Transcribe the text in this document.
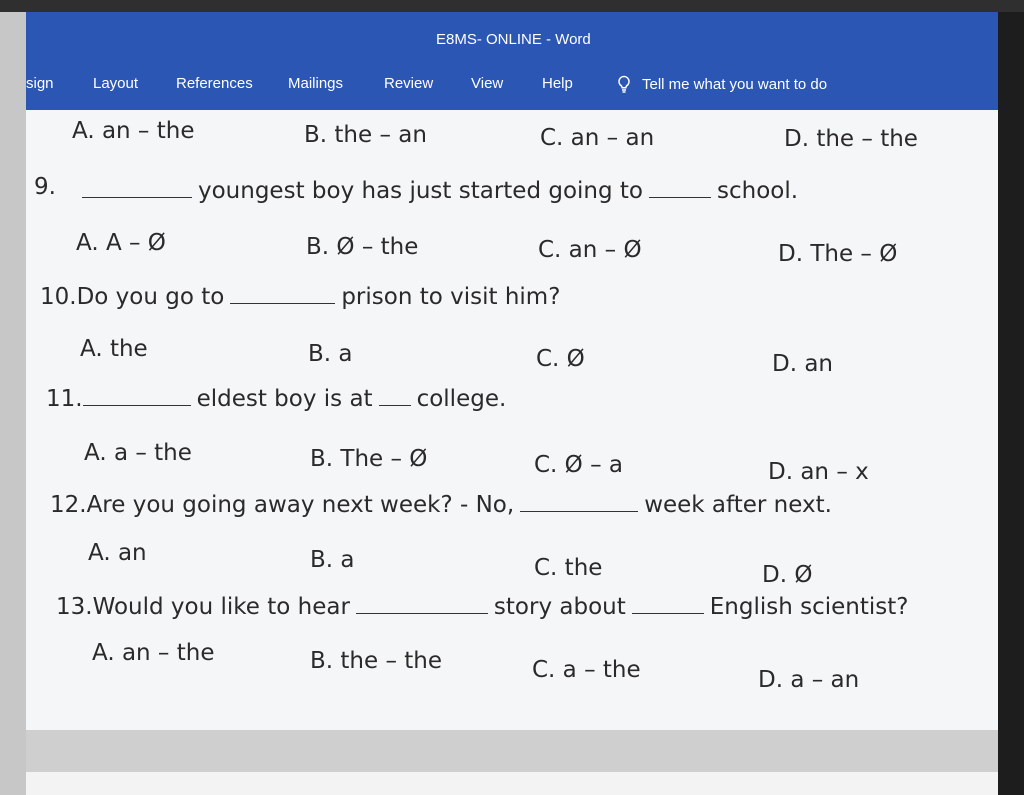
E8MS- ONLINE - Word
sign	Layout	References Mailings	Review	View	Help	Tell me what you want to do
A. an – the	B. the – an	C. an – an	D. the – the
9.	youngest boy has just started going to	school.
A. A – Ø	B. Ø – the	C. an – Ø	D. The – Ø
10.Do you go to	prison to visit him?
A. the	B. a	C. Ø	D. an
11.	eldest boy is at college.
A. a – the	B. The – Ø	C. Ø – a	D. an – x
12.Are you going away next week? - No,	week after next.
A. an	B. a	C. the	D. Ø
13.Would you like to hear	story about	English scientist?
A. an – the	B. the – the	C. a – the	D. a – an
